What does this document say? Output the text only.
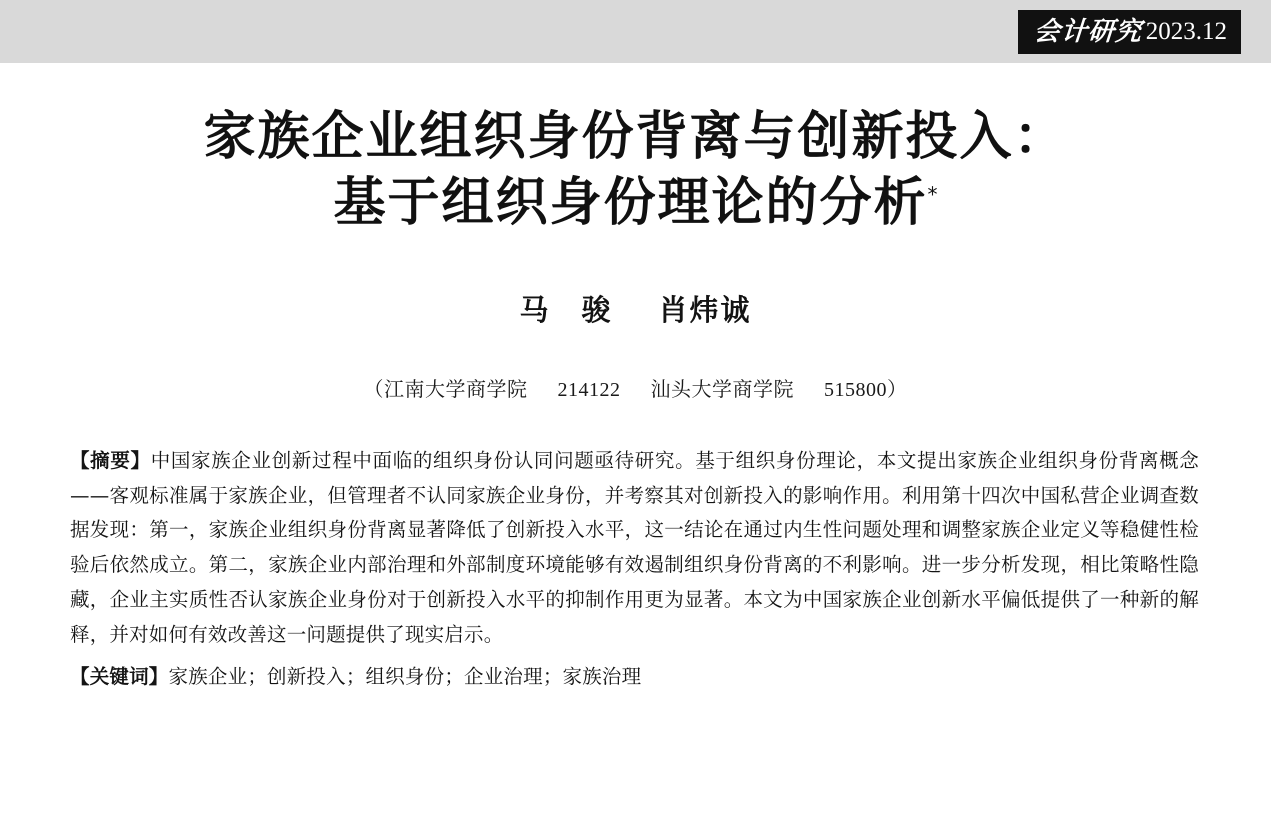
会计研究 2023.12
家族企业组织身份背离与创新投入：
基于组织身份理论的分析*
马　骏 肖炜诚
（江南大学商学院 214122 汕头大学商学院 515800）
【摘要】中国家族企业创新过程中面临的组织身份认同问题亟待研究。基于组织身份理论，本文提出家族企业组织身份背离概念——客观标准属于家族企业，但管理者不认同家族企业身份，并考察其对创新投入的影响作用。利用第十四次中国私营企业调查数据发现：第一，家族企业组织身份背离显著降低了创新投入水平，这一结论在通过内生性问题处理和调整家族企业定义等稳健性检验后依然成立。第二，家族企业内部治理和外部制度环境能够有效遏制组织身份背离的不利影响。进一步分析发现，相比策略性隐藏，企业主实质性否认家族企业身份对于创新投入水平的抑制作用更为显著。本文为中国家族企业创新水平偏低提供了一种新的解释，并对如何有效改善这一问题提供了现实启示。
【关键词】家族企业；创新投入；组织身份；企业治理；家族治理
